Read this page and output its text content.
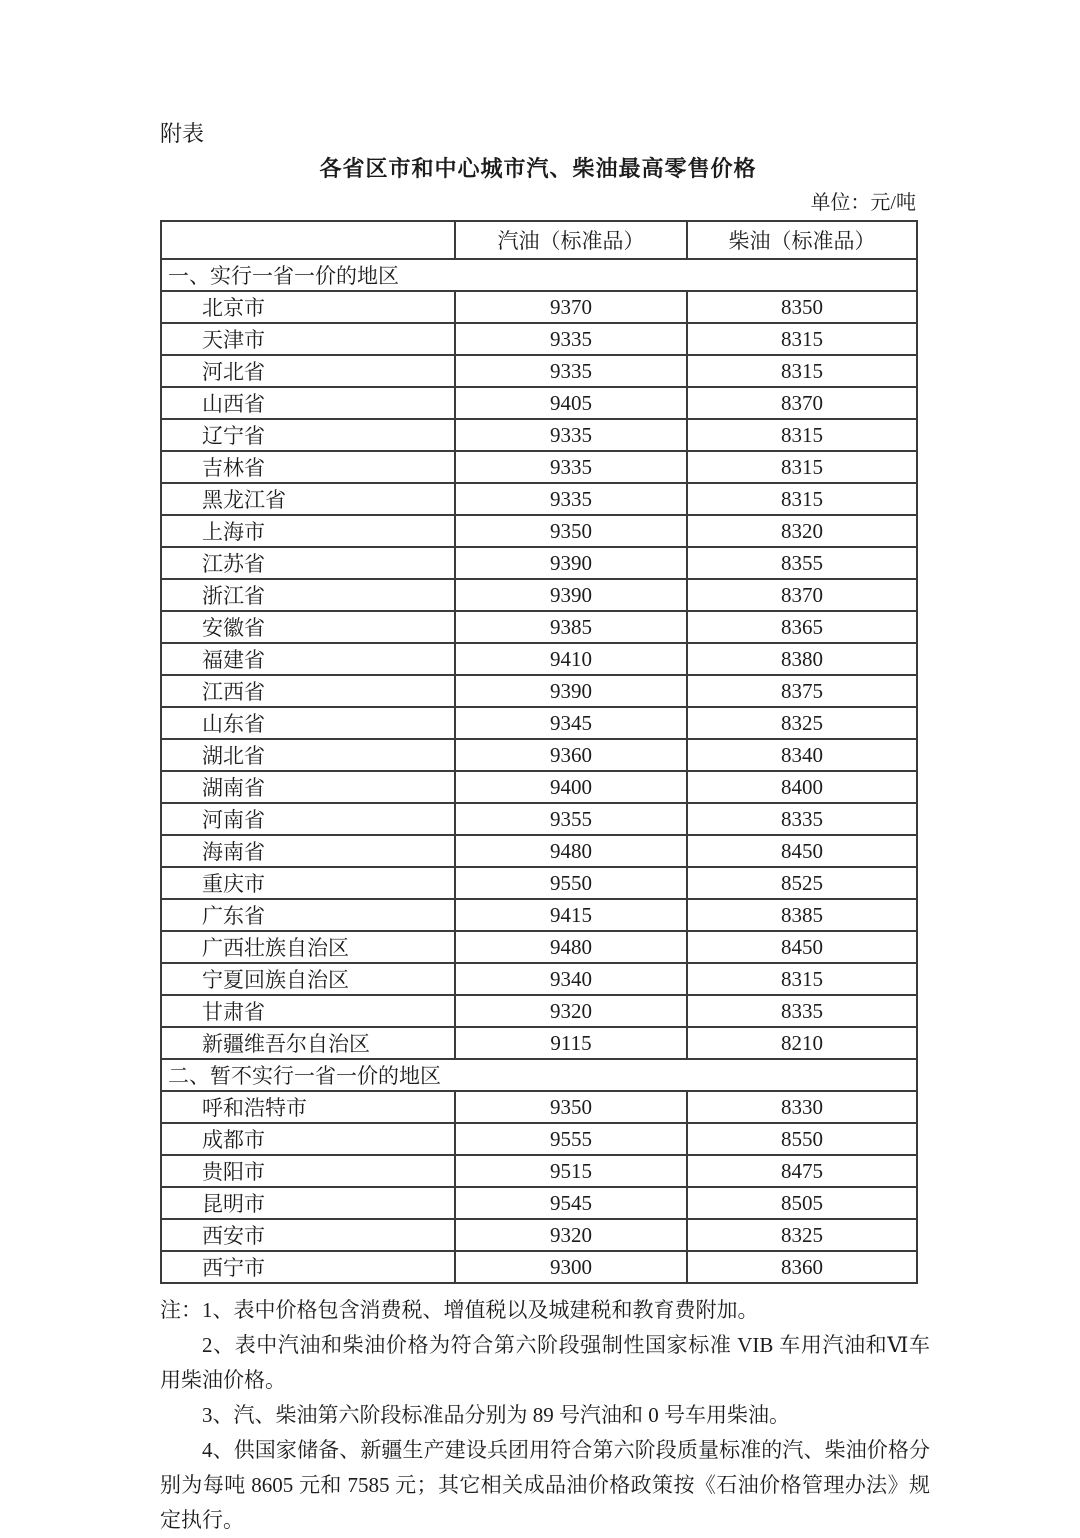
附表
各省区市和中心城市汽、柴油最高零售价格
单位：元/吨
	汽油（标准品）	柴油（标准品）
一、实行一省一价的地区		
北京市	9370	8350
天津市	9335	8315
河北省	9335	8315
山西省	9405	8370
辽宁省	9335	8315
吉林省	9335	8315
黑龙江省	9335	8315
上海市	9350	8320
江苏省	9390	8355
浙江省	9390	8370
安徽省	9385	8365
福建省	9410	8380
江西省	9390	8375
山东省	9345	8325
湖北省	9360	8340
湖南省	9400	8400
河南省	9355	8335
海南省	9480	8450
重庆市	9550	8525
广东省	9415	8385
广西壮族自治区	9480	8450
宁夏回族自治区	9340	8315
甘肃省	9320	8335
新疆维吾尔自治区	9115	8210
二、暂不实行一省一价的地区		
呼和浩特市	9350	8330
成都市	9555	8550
贵阳市	9515	8475
昆明市	9545	8505
西安市	9320	8325
西宁市	9300	8360

注：1、表中价格包含消费税、增值税以及城建税和教育费附加。

2、表中汽油和柴油价格为符合第六阶段强制性国家标准 VIB 车用汽油和Ⅵ车用柴油价格。

3、汽、柴油第六阶段标准品分别为 89 号汽油和 0 号车用柴油。

4、供国家储备、新疆生产建设兵团用符合第六阶段质量标准的汽、柴油价格分别为每吨 8605 元和 7585 元；其它相关成品油价格政策按《石油价格管理办法》规定执行。
